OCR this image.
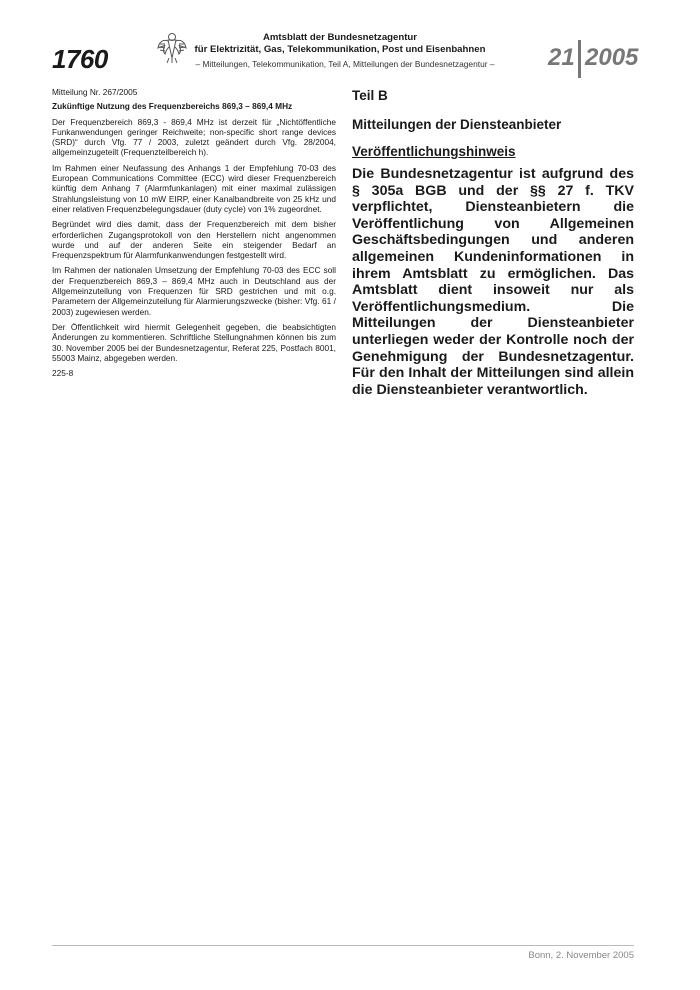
1760
Amtsblatt der Bundesnetzagentur
für Elektrizität, Gas, Telekommunikation, Post und Eisenbahnen
– Mitteilungen, Telekommunikation, Teil A, Mitteilungen der Bundesnetzagentur –	21 2005
Mitteilung Nr. 267/2005
Zukünftige Nutzung des Frequenzbereichs 869,3 – 869,4 MHz

Der Frequenzbereich 869,3 - 869,4 MHz ist derzeit für „Nichtöffentliche Funkanwendungen geringer Reichweite; non-specific short range devices (SRD)“ durch Vfg. 77 / 2003, zuletzt geändert durch Vfg. 28/2004, allgemeinzugeteilt (Frequenzteilbereich h).

Im Rahmen einer Neufassung des Anhangs 1 der Empfehlung 70-03 des European Communications Committee (ECC) wird dieser Frequenzbereich künftig dem Anhang 7 (Alarmfunkanlagen) mit einer maximal zulässigen Strahlungsleistung von 10 mW EIRP, einer Kanalbandbreite von 25 kHz und einer relativen Frequenzbelegungsdauer (duty cycle) von 1% zugeordnet.

Begründet wird dies damit, dass der Frequenzbereich mit dem bisher erforderlichen Zugangsprotokoll von den Herstellern nicht angenommen wurde und auf der anderen Seite ein steigender Bedarf an Frequenzspektrum für Alarmfunkanwendungen festgestellt wird.

Im Rahmen der nationalen Umsetzung der Empfehlung 70-03 des ECC soll der Frequenzbereich 869,3 – 869,4 MHz auch in Deutschland aus der Allgemeinzuteilung von Frequenzen für SRD gestrichen und mit o.g. Parametern der Allgemeinzuteilung für Alarmierungszwecke (bisher: Vfg. 61 / 2003) zugewiesen werden.

Der Öffentlichkeit wird hiermit Gelegenheit gegeben, die beabsichtigten Änderungen zu kommentieren. Schriftliche Stellungnahmen können bis zum 30. November 2005 bei der Bundesnetzagentur, Referat 225, Postfach 8001, 55003 Mainz, abgegeben werden.

225-8
Teil B
Mitteilungen der Diensteanbieter
Veröffentlichungshinweis

Die Bundesnetzagentur ist aufgrund des § 305a BGB und der §§ 27 f. TKV verpflichtet, Diensteanbietern die Veröffentlichung von Allgemeinen Geschäftsbedingungen und anderen allgemeinen Kundeninformationen in ihrem Amtsblatt zu ermöglichen. Das Amtsblatt dient insoweit nur als Veröffentlichungsmedium. Die Mitteilungen der Diensteanbieter unterliegen weder der Kontrolle noch der Genehmigung der Bundesnetzagentur. Für den Inhalt der Mitteilungen sind allein die Diensteanbieter verantwortlich.

Bonn, 2. November 2005
